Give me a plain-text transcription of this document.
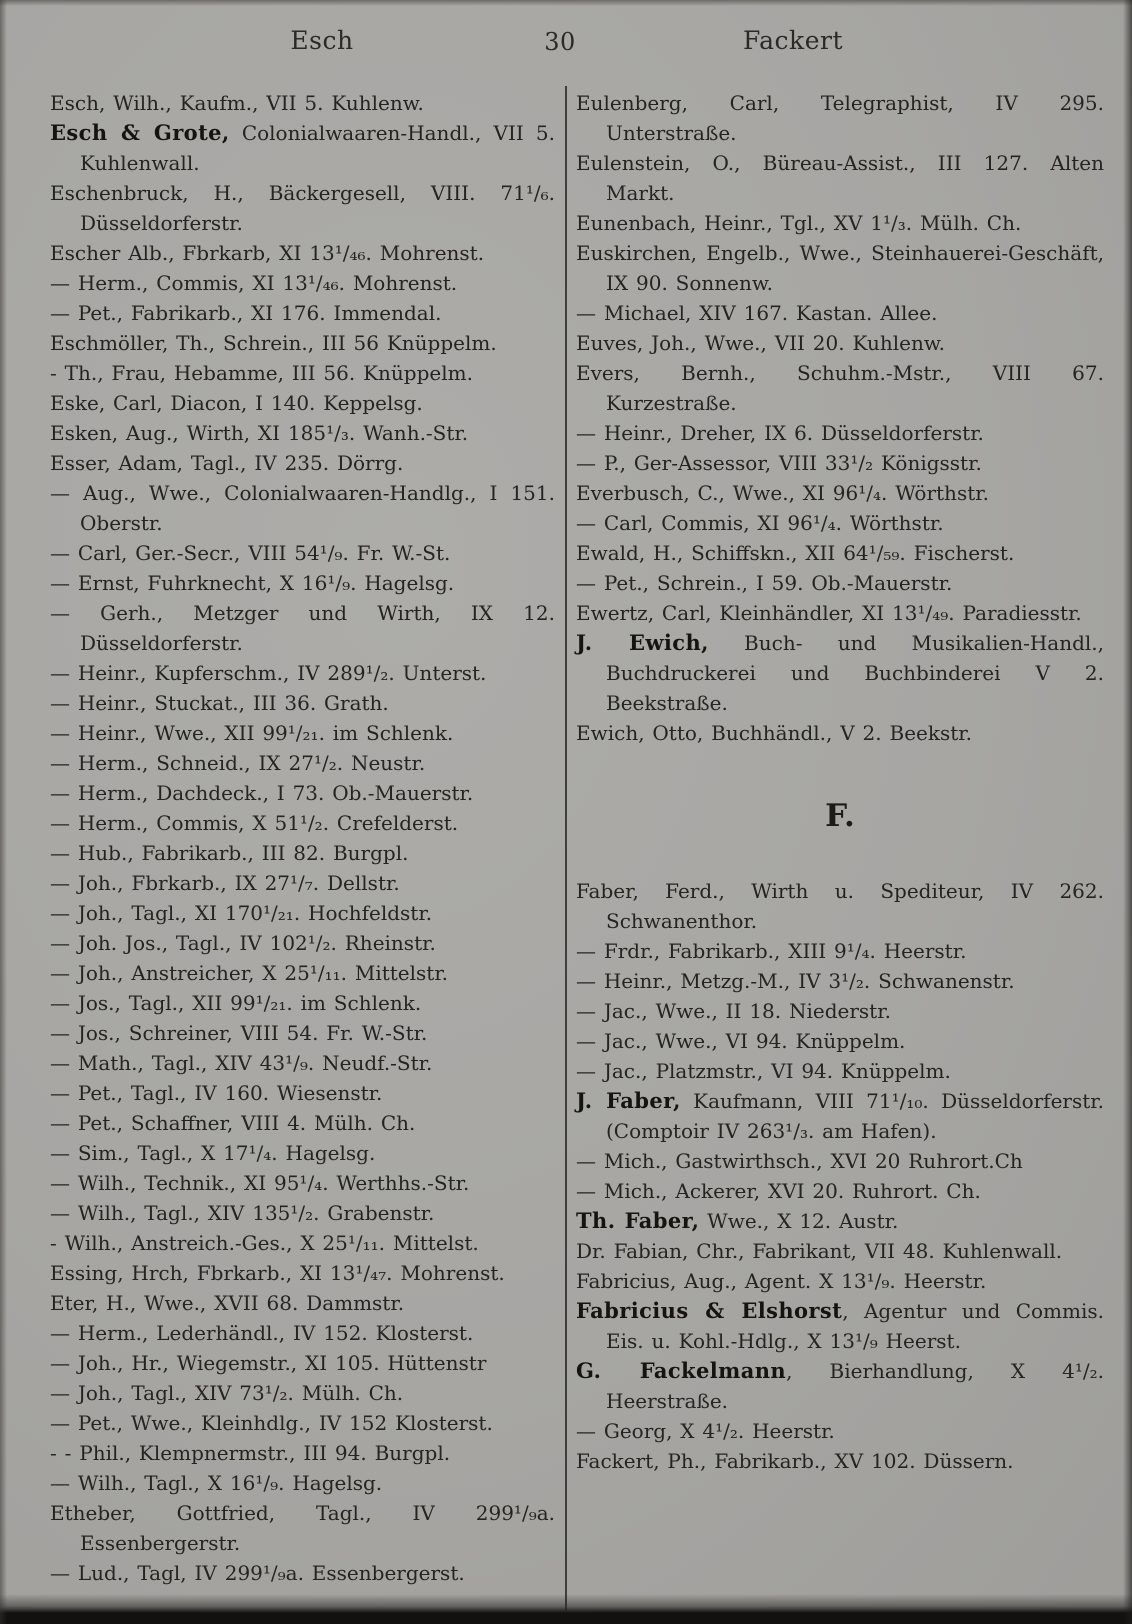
Esch	30	Fackert

Esch, Wilh., Kaufm., VII 5. Kuhlenw.

Esch & Grote, Colonialwaaren-Handl., VII 5. Kuhlenwall.

Eschenbruck, H., Bäckergesell, VIII. 71¹/₆. Düsseldorferstr.

Escher Alb., Fbrkarb, XI 13¹/₄₆. Mohrenst.

— Herm., Commis, XI 13¹/₄₆. Mohrenst.

— Pet., Fabrikarb., XI 176. Immendal.

Eschmöller, Th., Schrein., III 56 Knüppelm.

- Th., Frau, Hebamme, III 56. Knüppelm.

Eske, Carl, Diacon, I 140. Keppelsg.

Esken, Aug., Wirth, XI 185¹/₃. Wanh.-Str.

Esser, Adam, Tagl., IV 235. Dörrg.

— Aug., Wwe., Colonialwaaren-Handlg., I 151. Oberstr.

— Carl, Ger.-Secr., VIII 54¹/₉. Fr. W.-St.

— Ernst, Fuhrknecht, X 16¹/₉. Hagelsg.

— Gerh., Metzger und Wirth, IX 12. Düsseldorferstr.

— Heinr., Kupferschm., IV 289¹/₂. Unterst.

— Heinr., Stuckat., III 36. Grath.

— Heinr., Wwe., XII 99¹/₂₁. im Schlenk.

— Herm., Schneid., IX 27¹/₂. Neustr.

— Herm., Dachdeck., I 73. Ob.-Mauerstr.

— Herm., Commis, X 51¹/₂. Crefelderst.

— Hub., Fabrikarb., III 82. Burgpl.

— Joh., Fbrkarb., IX 27¹/₇. Dellstr.

— Joh., Tagl., XI 170¹/₂₁. Hochfeldstr.

— Joh. Jos., Tagl., IV 102¹/₂. Rheinstr.

— Joh., Anstreicher, X 25¹/₁₁. Mittelstr.

— Jos., Tagl., XII 99¹/₂₁. im Schlenk.

— Jos., Schreiner, VIII 54. Fr. W.-Str.

— Math., Tagl., XIV 43¹/₉. Neudf.-Str.

— Pet., Tagl., IV 160. Wiesenstr.

— Pet., Schaffner, VIII 4. Mülh. Ch.

— Sim., Tagl., X 17¹/₄. Hagelsg.

— Wilh., Technik., XI 95¹/₄. Werthhs.-Str.

— Wilh., Tagl., XIV 135¹/₂. Grabenstr.

- Wilh., Anstreich.-Ges., X 25¹/₁₁. Mittelst.

Essing, Hrch, Fbrkarb., XI 13¹/₄₇. Mohrenst.

Eter, H., Wwe., XVII 68. Dammstr.

— Herm., Lederhändl., IV 152. Klosterst.

— Joh., Hr., Wiegemstr., XI 105. Hüttenstr

— Joh., Tagl., XIV 73¹/₂. Mülh. Ch.

— Pet., Wwe., Kleinhdlg., IV 152 Klosterst.

- - Phil., Klempnermstr., III 94. Burgpl.

— Wilh., Tagl., X 16¹/₉. Hagelsg.

Etheber, Gottfried, Tagl., IV 299¹/₉a. Essenbergerstr.

— Lud., Tagl, IV 299¹/₉a. Essenbergerst.

Eulenberg, Carl, Telegraphist, IV 295. Unterstraße.

Eulenstein, O., Büreau-Assist., III 127. Alten Markt.

Eunenbach, Heinr., Tgl., XV 1¹/₃. Mülh. Ch.

Euskirchen, Engelb., Wwe., Steinhauerei-Geschäft, IX 90. Sonnenw.

— Michael, XIV 167. Kastan. Allee.

Euves, Joh., Wwe., VII 20. Kuhlenw.

Evers, Bernh., Schuhm.-Mstr., VIII 67. Kurzestraße.

— Heinr., Dreher, IX 6. Düsseldorferstr.

— P., Ger-Assessor, VIII 33¹/₂ Königsstr.

Everbusch, C., Wwe., XI 96¹/₄. Wörthstr.

— Carl, Commis, XI 96¹/₄. Wörthstr.

Ewald, H., Schiffskn., XII 64¹/₅₉. Fischerst.

— Pet., Schrein., I 59. Ob.-Mauerstr.

Ewertz, Carl, Kleinhändler, XI 13¹/₄₉. Paradiesstr.

J. Ewich, Buch- und Musikalien-Handl., Buchdruckerei und Buchbinderei V 2. Beekstraße.

Ewich, Otto, Buchhändl., V 2. Beekstr.

F.

Faber, Ferd., Wirth u. Spediteur, IV 262. Schwanenthor.

— Frdr., Fabrikarb., XIII 9¹/₄. Heerstr.

— Heinr., Metzg.-M., IV 3¹/₂. Schwanenstr.

— Jac., Wwe., II 18. Niederstr.

— Jac., Wwe., VI 94. Knüppelm.

— Jac., Platzmstr., VI 94. Knüppelm.

J. Faber, Kaufmann, VIII 71¹/₁₀. Düsseldorferstr. (Comptoir IV 263¹/₃. am Hafen).

— Mich., Gastwirthsch., XVI 20 Ruhrort.Ch

— Mich., Ackerer, XVI 20. Ruhrort. Ch.

Th. Faber, Wwe., X 12. Austr.

Dr. Fabian, Chr., Fabrikant, VII 48. Kuhlenwall.

Fabricius, Aug., Agent. X 13¹/₉. Heerstr.

Fabricius & Elshorst, Agentur und Commis. Eis. u. Kohl.-Hdlg., X 13¹/₉ Heerst.

G. Fackelmann, Bierhandlung, X 4¹/₂. Heerstraße.

— Georg, X 4¹/₂. Heerstr.

Fackert, Ph., Fabrikarb., XV 102. Düssern.
